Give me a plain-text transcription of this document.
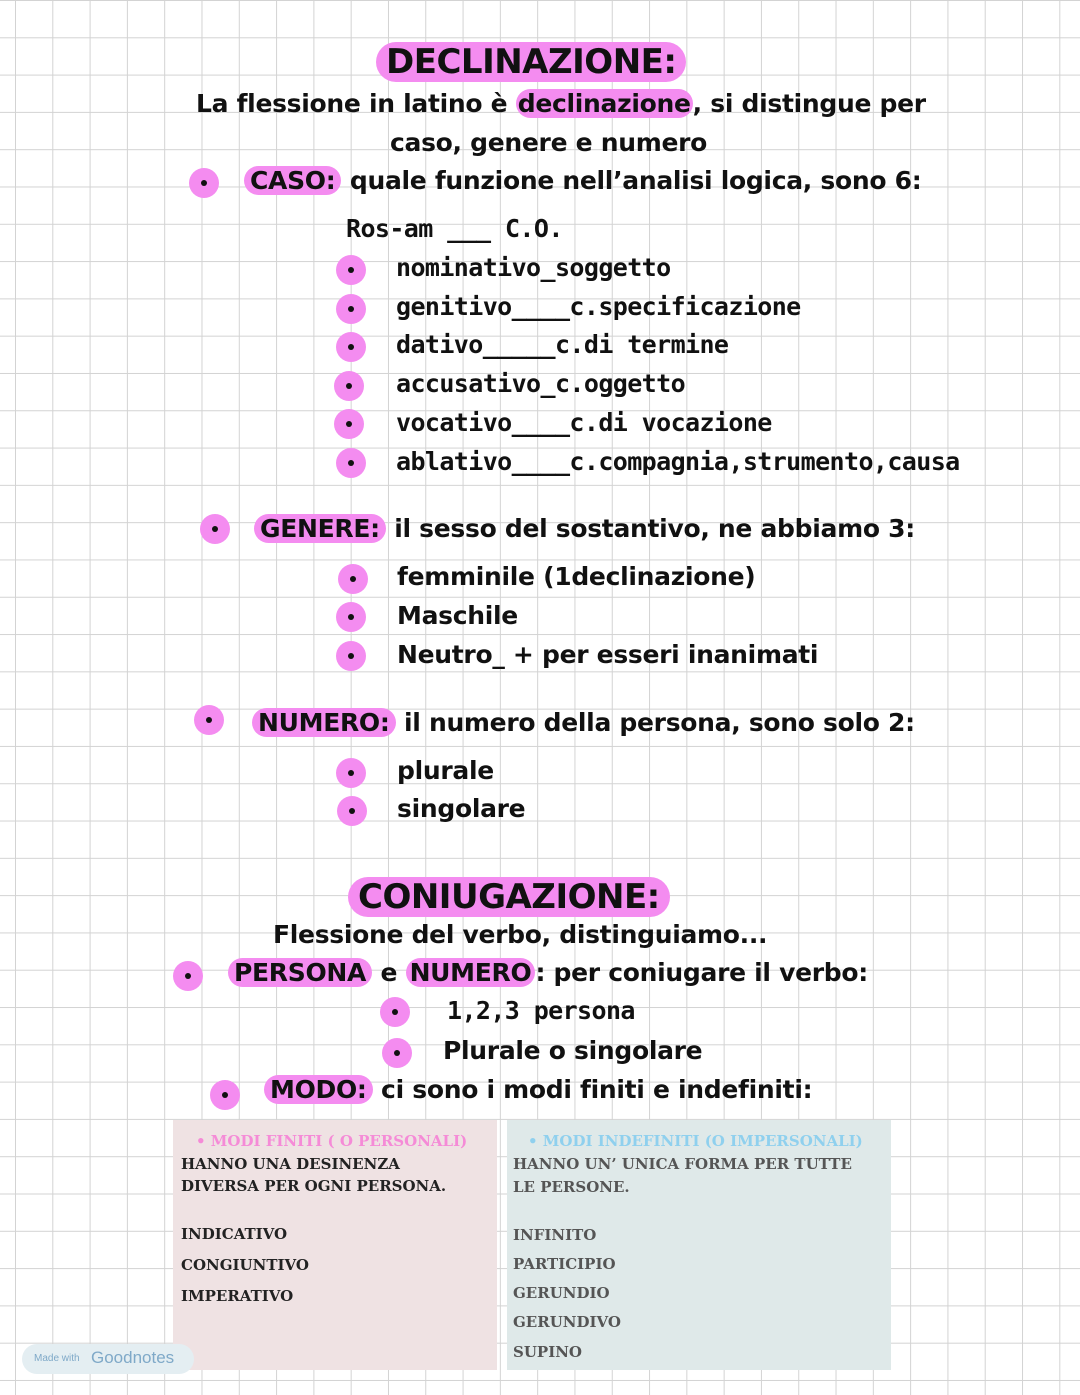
DECLINAZIONE:
La flessione in latino è declinazione, si distingue per
caso, genere e numero
CASO: quale funzione nell’analisi logica, sono 6:
Ros-am ___ C.O.
nominativo_soggetto
genitivo____c.specificazione
dativo_____c.di termine
accusativo_c.oggetto
vocativo____c.di vocazione
ablativo____c.compagnia,strumento,causa
GENERE: il sesso del sostantivo, ne abbiamo 3:
femminile (1declinazione)
Maschile
Neutro_ + per esseri inanimati
NUMERO: il numero della persona, sono solo 2:
plurale
singolare
CONIUGAZIONE:
Flessione del verbo, distinguiamo...
PERSONA e NUMERO : per coniugare il verbo:
1,2,3 persona
Plurale o singolare
MODO: ci sono i modi finiti e indefiniti:
• MODI FINITI ( O PERSONALI)
HANNO UNA DESINENZA
DIVERSA PER OGNI PERSONA.
INDICATIVO
CONGIUNTIVO
IMPERATIVO
• MODI INDEFINITI (O IMPERSONALI)
HANNO UN’ UNICA FORMA PER TUTTE
LE PERSONE.
INFINITO
PARTICIPIO
GERUNDIO
GERUNDIVO
SUPINO
Made with Goodnotes
